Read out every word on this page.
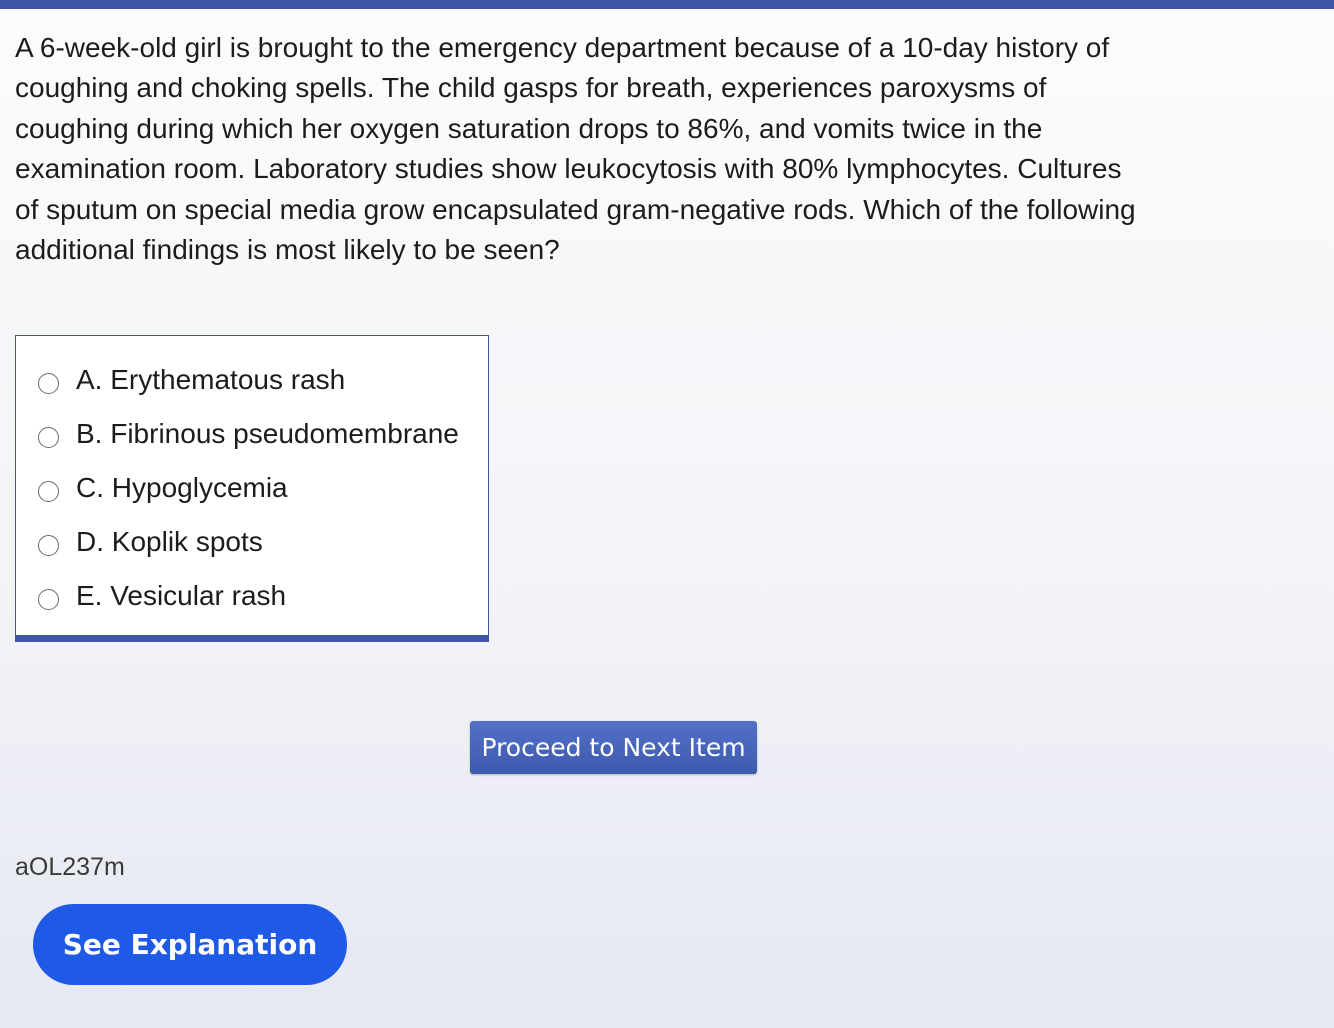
A 6-week-old girl is brought to the emergency department because of a 10-day history of
coughing and choking spells. The child gasps for breath, experiences paroxysms of
coughing during which her oxygen saturation drops to 86%, and vomits twice in the
examination room. Laboratory studies show leukocytosis with 80% lymphocytes. Cultures
of sputum on special media grow encapsulated gram-negative rods. Which of the following
additional findings is most likely to be seen?
A. Erythematous rash
B. Fibrinous pseudomembrane
C. Hypoglycemia
D. Koplik spots
E. Vesicular rash
Proceed to Next Item
aOL237m
See Explanation
